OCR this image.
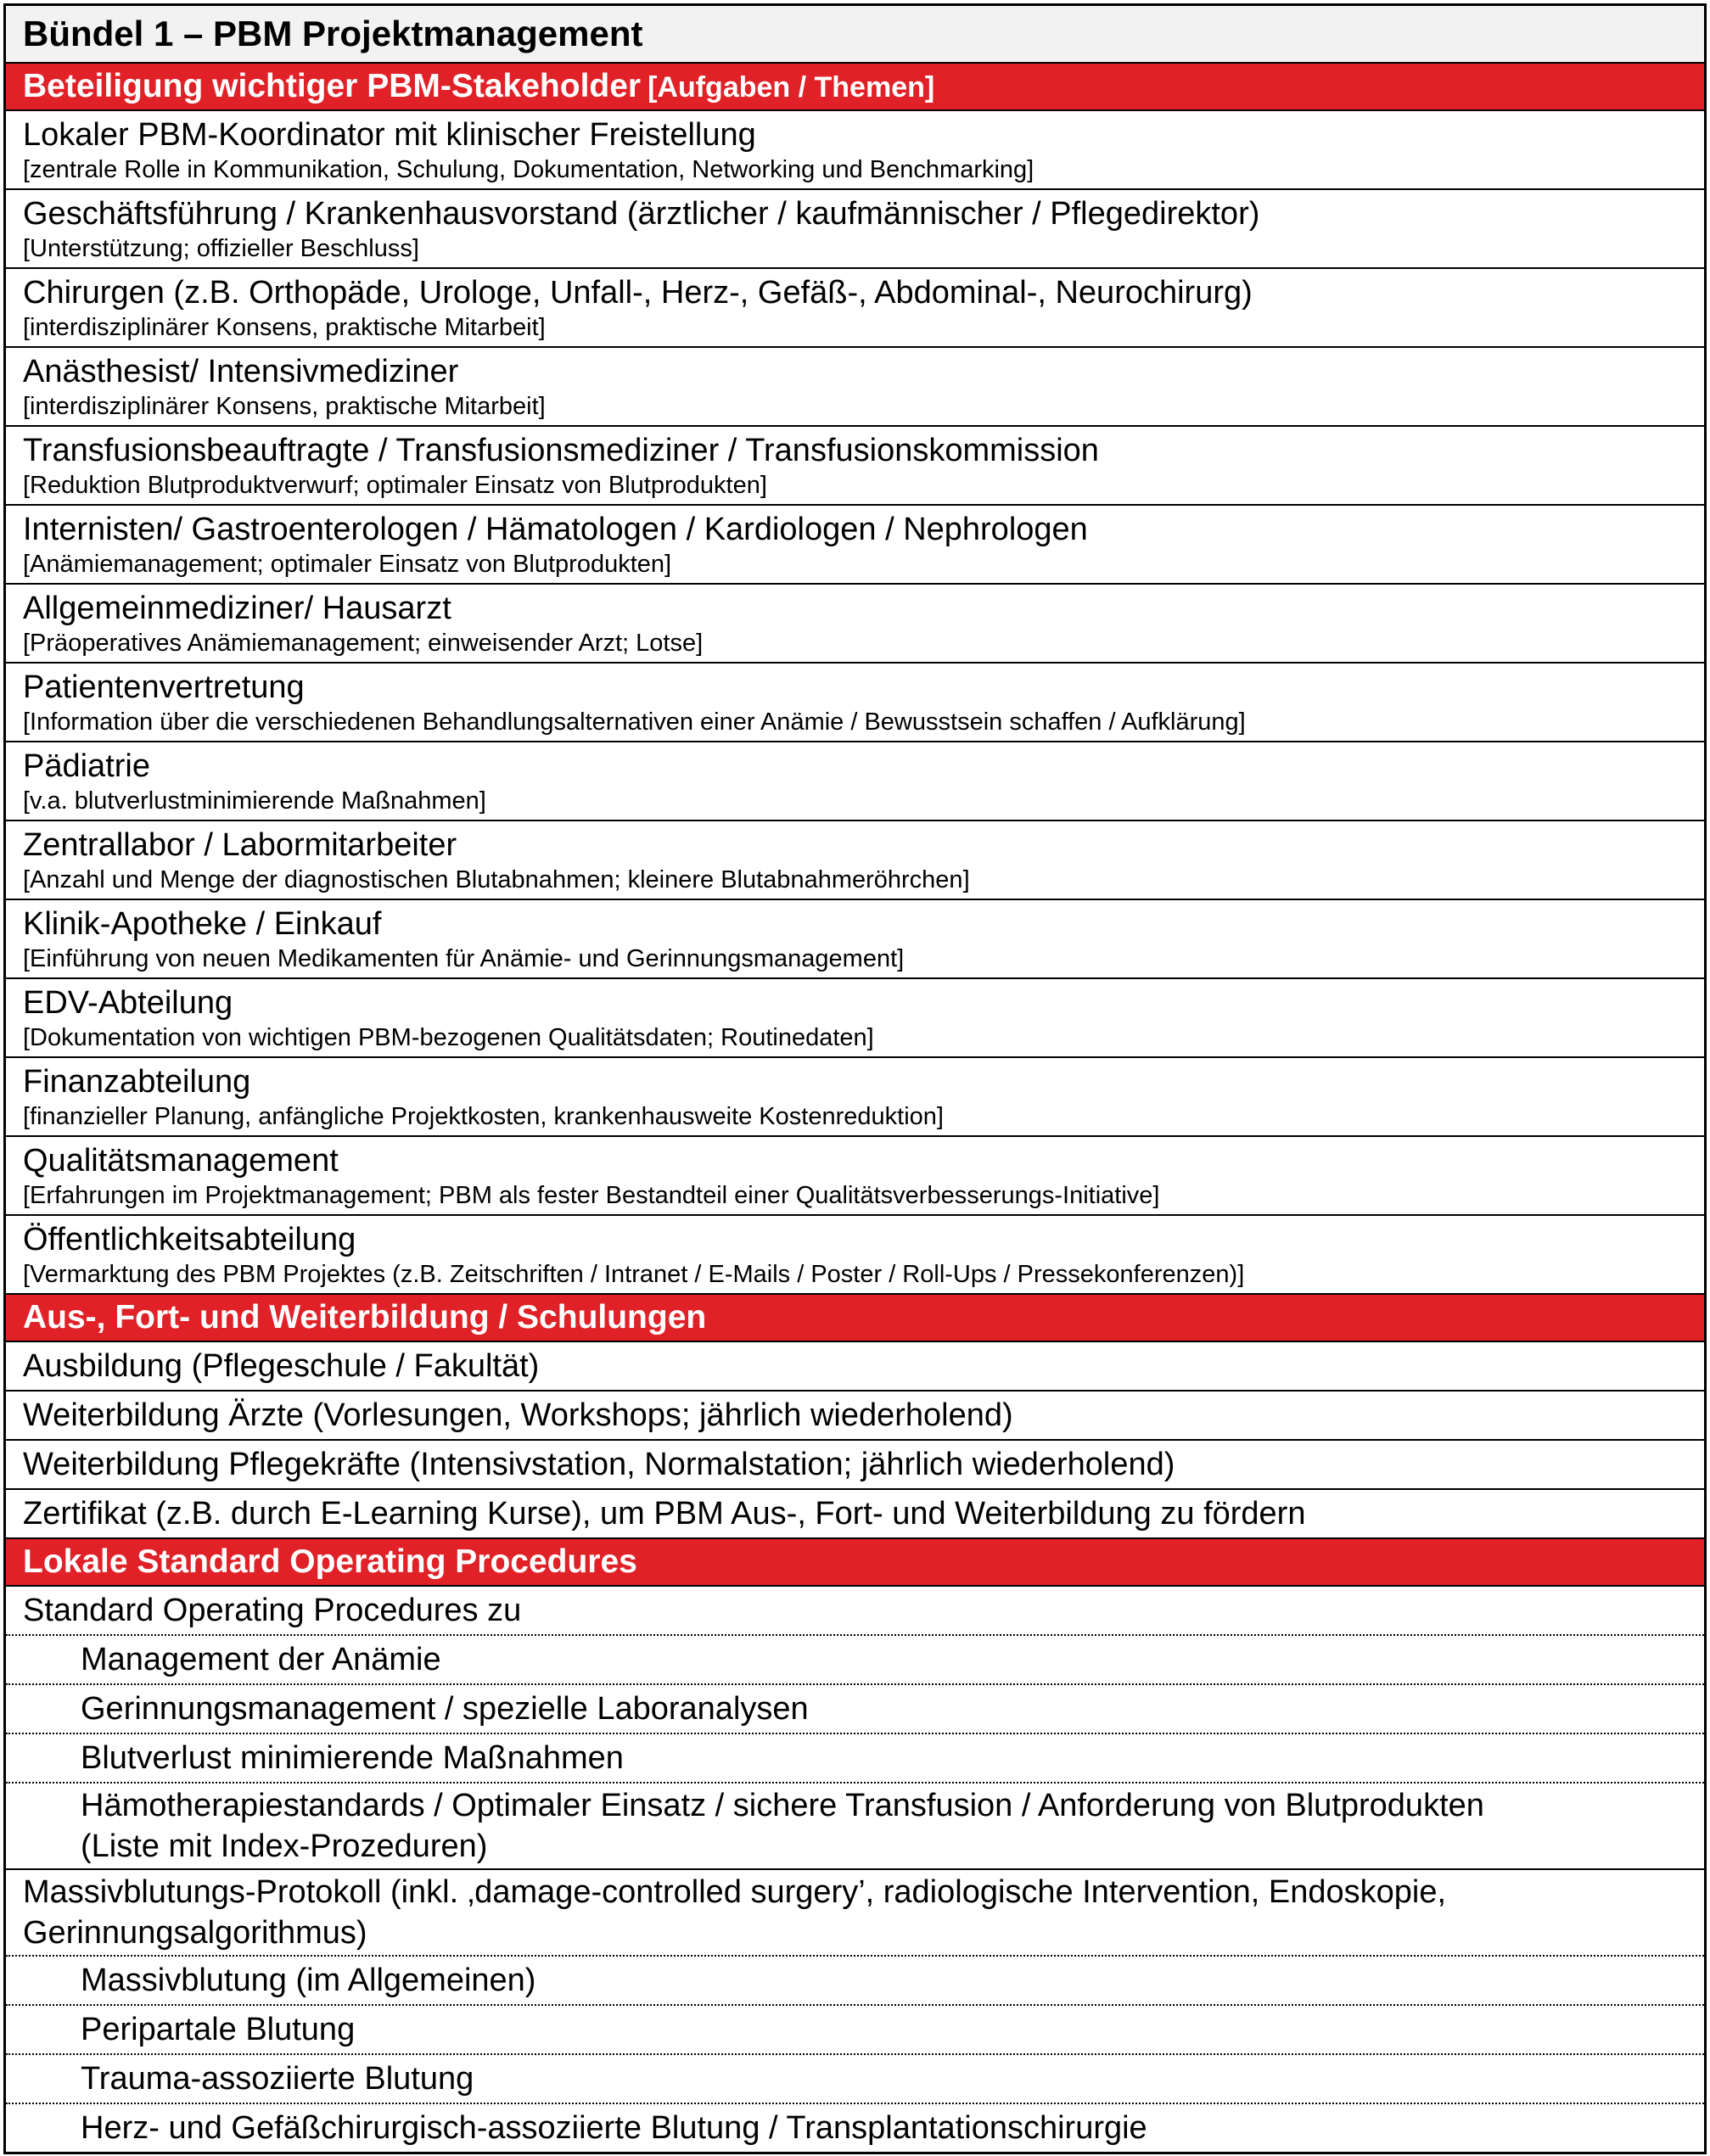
Bündel 1 – PBM Projektmanagement
Beteiligung wichtiger PBM-Stakeholder [Aufgaben / Themen]
Lokaler PBM-Koordinator mit klinischer Freistellung
[zentrale Rolle in Kommunikation, Schulung, Dokumentation, Networking und Benchmarking]
Geschäftsführung / Krankenhausvorstand (ärztlicher / kaufmännischer / Pflegedirektor)
[Unterstützung; offizieller Beschluss]
Chirurgen (z.B. Orthopäde, Urologe, Unfall-, Herz-, Gefäß-, Abdominal-, Neurochirurg)
[interdisziplinärer Konsens, praktische Mitarbeit]
Anästhesist/ Intensivmediziner
[interdisziplinärer Konsens, praktische Mitarbeit]
Transfusionsbeauftragte / Transfusionsmediziner / Transfusionskommission
[Reduktion Blutproduktverwurf; optimaler Einsatz von Blutprodukten]
Internisten/ Gastroenterologen / Hämatologen / Kardiologen / Nephrologen
[Anämiemanagement; optimaler Einsatz von Blutprodukten]
Allgemeinmediziner/ Hausarzt
[Präoperatives Anämiemanagement; einweisender Arzt; Lotse]
Patientenvertretung
[Information über die verschiedenen Behandlungsalternativen einer Anämie / Bewusstsein schaffen / Aufklärung]
Pädiatrie
[v.a. blutverlustminimierende Maßnahmen]
Zentrallabor / Labormitarbeiter
[Anzahl und Menge der diagnostischen Blutabnahmen; kleinere Blutabnahmeröhrchen]
Klinik-Apotheke / Einkauf
[Einführung von neuen Medikamenten für Anämie- und Gerinnungsmanagement]
EDV-Abteilung
[Dokumentation von wichtigen PBM-bezogenen Qualitätsdaten; Routinedaten]
Finanzabteilung
[finanzieller Planung, anfängliche Projektkosten, krankenhausweite Kostenreduktion]
Qualitätsmanagement
[Erfahrungen im Projektmanagement; PBM als fester Bestandteil einer Qualitätsverbesserungs-Initiative]
Öffentlichkeitsabteilung
[Vermarktung des PBM Projektes (z.B. Zeitschriften / Intranet / E-Mails / Poster / Roll-Ups / Pressekonferenzen)]
Aus-, Fort- und Weiterbildung / Schulungen
Ausbildung (Pflegeschule / Fakultät)
Weiterbildung Ärzte (Vorlesungen, Workshops; jährlich wiederholend)
Weiterbildung Pflegekräfte (Intensivstation, Normalstation; jährlich wiederholend)
Zertifikat (z.B. durch E-Learning Kurse), um PBM Aus-, Fort- und Weiterbildung zu fördern
Lokale Standard Operating Procedures
Standard Operating Procedures zu
Management der Anämie
Gerinnungsmanagement / spezielle Laboranalysen
Blutverlust minimierende Maßnahmen
Hämotherapiestandards / Optimaler Einsatz / sichere Transfusion / Anforderung von Blutprodukten
(Liste mit Index-Prozeduren)
Massivblutungs-Protokoll (inkl. ‚damage-controlled surgery’, radiologische Intervention, Endoskopie,
Gerinnungsalgorithmus)
Massivblutung (im Allgemeinen)
Peripartale Blutung
Trauma-assoziierte Blutung
Herz- und Gefäßchirurgisch-assoziierte Blutung / Transplantationschirurgie
